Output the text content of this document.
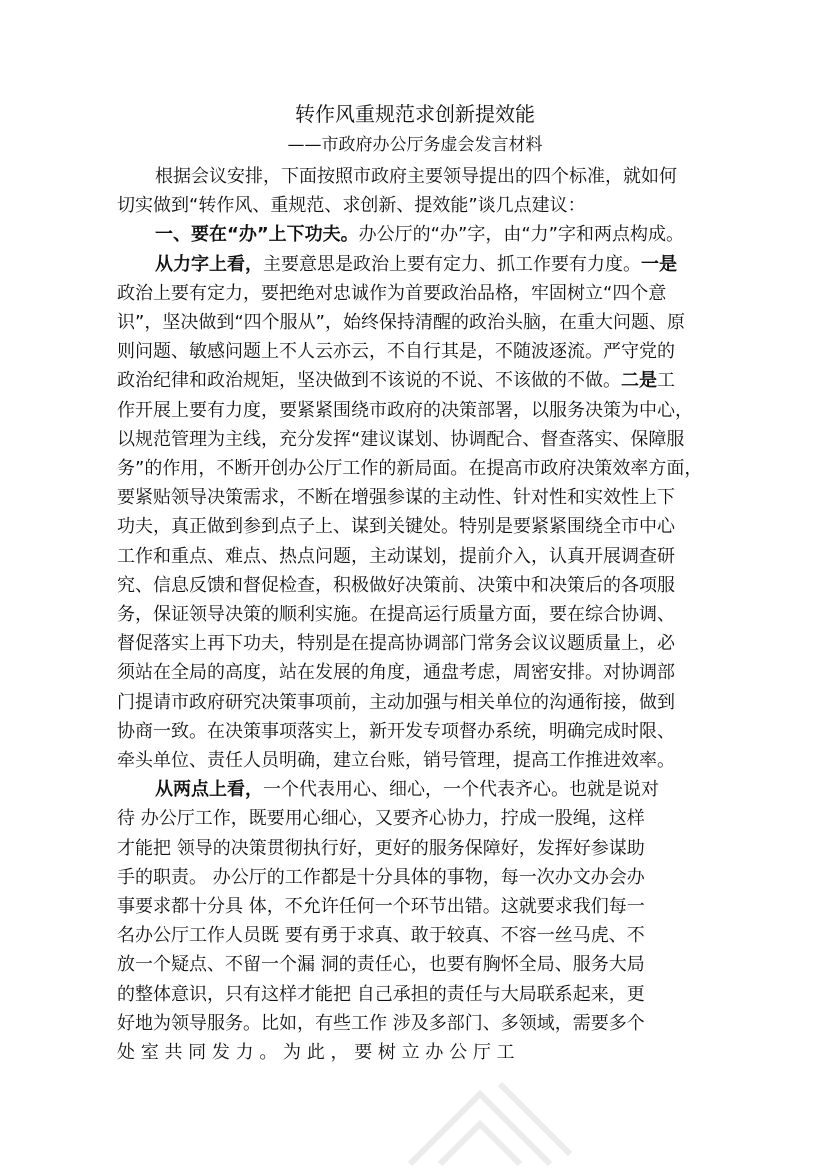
转作风重规范求创新提效能
——市政府办公厅务虚会发言材料
根据会议安排，下面按照市政府主要领导提出的四个标准，就如何
切实做到“转作风、重规范、求创新、提效能”谈几点建议：
一、要在“办”上下功夫。办公厅的“办”字，由“力”字和两点构成。
从力字上看，主要意思是政治上要有定力、抓工作要有力度。一是
政治上要有定力，要把绝对忠诚作为首要政治品格，牢固树立“四个意
识”，坚决做到“四个服从”，始终保持清醒的政治头脑，在重大问题、原
则问题、敏感问题上不人云亦云，不自行其是，不随波逐流。严守党的
政治纪律和政治规矩，坚决做到不该说的不说、不该做的不做。二是工
作开展上要有力度，要紧紧围绕市政府的决策部署，以服务决策为中心，
以规范管理为主线，充分发挥“建议谋划、协调配合、督查落实、保障服
务”的作用，不断开创办公厅工作的新局面。在提高市政府决策效率方面，
要紧贴领导决策需求，不断在增强参谋的主动性、针对性和实效性上下
功夫，真正做到参到点子上、谋到关键处。特别是要紧紧围绕全市中心
工作和重点、难点、热点问题，主动谋划，提前介入，认真开展调查研
究、信息反馈和督促检查，积极做好决策前、决策中和决策后的各项服
务，保证领导决策的顺利实施。在提高运行质量方面，要在综合协调、
督促落实上再下功夫，特别是在提高协调部门常务会议议题质量上，必
须站在全局的高度，站在发展的角度，通盘考虑，周密安排。对协调部
门提请市政府研究决策事项前，主动加强与相关单位的沟通衔接，做到
协商一致。在决策事项落实上，新开发专项督办系统，明确完成时限、
牵头单位、责任人员明确，建立台账，销号管理，提高工作推进效率。
从两点上看，一个代表用心、细心，一个代表齐心。也就是说对
待 办公厅工作，既要用心细心，又要齐心协力，拧成一股绳，这样
才能把 领导的决策贯彻执行好，更好的服务保障好，发挥好参谋助
手的职责。 办公厅的工作都是十分具体的事物，每一次办文办会办
事要求都十分具 体，不允许任何一个环节出错。这就要求我们每一
名办公厅工作人员既 要有勇于求真、敢于较真、不容一丝马虎、不
放一个疑点、不留一个漏 洞的责任心，也要有胸怀全局、服务大局
的整体意识，只有这样才能把 自己承担的责任与大局联系起来，更
好地为领导服务。比如，有些工作 涉及多部门、多领域，需要多个
处 室 共 同 发 力 。 为 此 ， 要 树 立 办 公 厅 工
